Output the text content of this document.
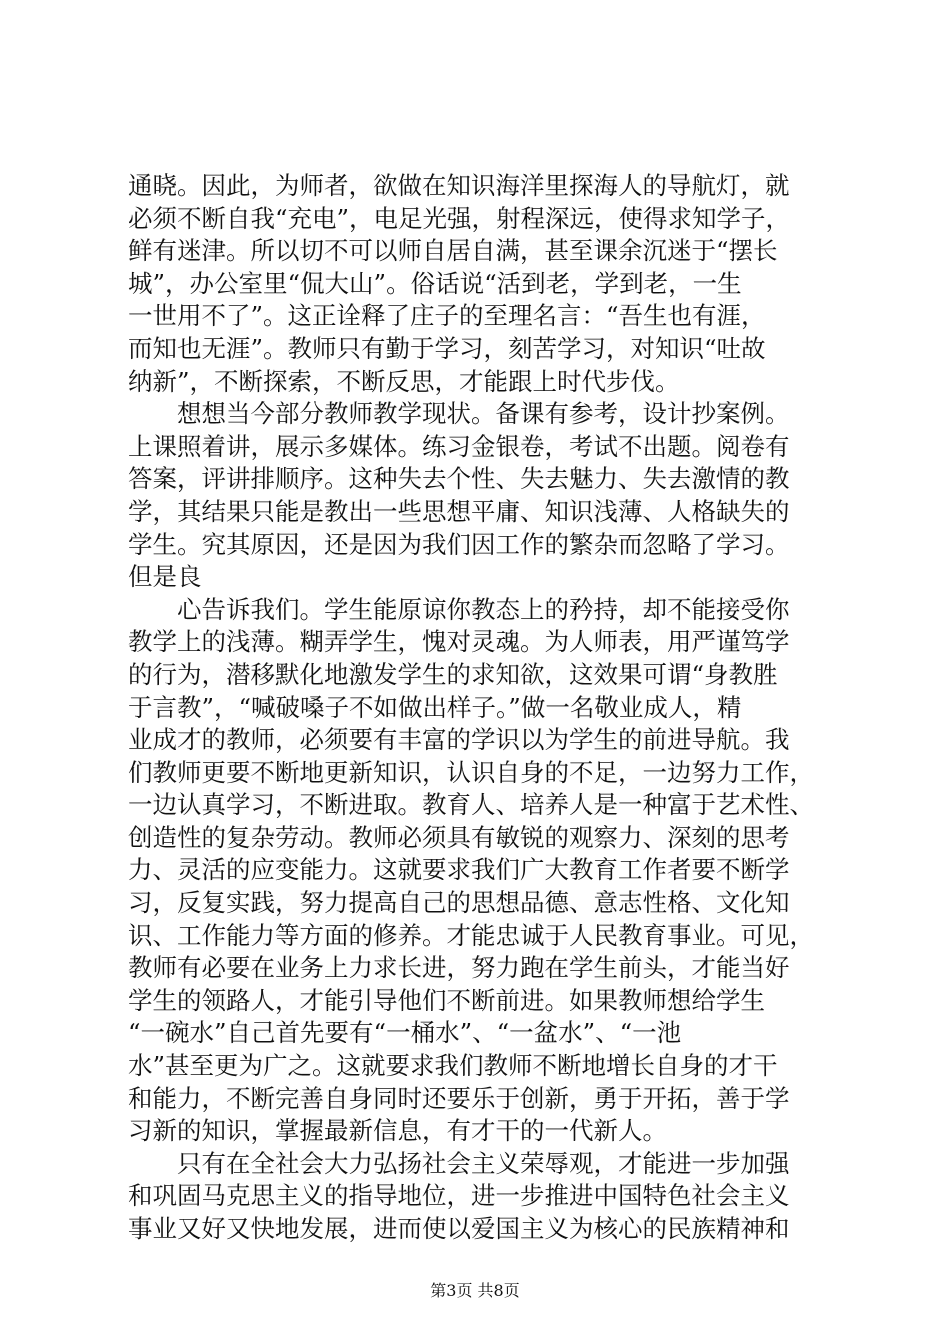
通晓。因此，为师者，欲做在知识海洋里探海人的导航灯，就
必须不断自我“充电”，电足光强，射程深远，使得求知学子，
鲜有迷津。所以切不可以师自居自满，甚至课余沉迷于“摆长
城”，办公室里“侃大山”。俗话说“活到老，学到老，一生
一世用不了”。这正诠释了庄子的至理名言：“吾生也有涯，
而知也无涯”。教师只有勤于学习，刻苦学习，对知识“吐故
纳新”，不断探索，不断反思，才能跟上时代步伐。
　　想想当今部分教师教学现状。备课有参考，设计抄案例。
上课照着讲，展示多媒体。练习金银卷，考试不出题。阅卷有
答案，评讲排顺序。这种失去个性、失去魅力、失去激情的教
学，其结果只能是教出一些思想平庸、知识浅薄、人格缺失的
学生。究其原因，还是因为我们因工作的繁杂而忽略了学习。
但是良
　　心告诉我们。学生能原谅你教态上的矜持，却不能接受你
教学上的浅薄。糊弄学生，愧对灵魂。为人师表，用严谨笃学
的行为，潜移默化地激发学生的求知欲，这效果可谓“身教胜
于言教”，“喊破嗓子不如做出样子。”做一名敬业成人，精
业成才的教师，必须要有丰富的学识以为学生的前进导航。我
们教师更要不断地更新知识，认识自身的不足，一边努力工作，
一边认真学习，不断进取。教育人、培养人是一种富于艺术性、
创造性的复杂劳动。教师必须具有敏锐的观察力、深刻的思考
力、灵活的应变能力。这就要求我们广大教育工作者要不断学
习，反复实践，努力提高自己的思想品德、意志性格、文化知
识、工作能力等方面的修养。才能忠诚于人民教育事业。可见，
教师有必要在业务上力求长进，努力跑在学生前头，才能当好
学生的领路人，才能引导他们不断前进。如果教师想给学生
“一碗水”自己首先要有“一桶水”、“一盆水”、“一池
水”甚至更为广之。这就要求我们教师不断地增长自身的才干
和能力，不断完善自身同时还要乐于创新，勇于开拓，善于学
习新的知识，掌握最新信息，有才干的一代新人。
　　只有在全社会大力弘扬社会主义荣辱观，才能进一步加强
和巩固马克思主义的指导地位，进一步推进中国特色社会主义
事业又好又快地发展，进而使以爱国主义为核心的民族精神和
第3页 共8页
